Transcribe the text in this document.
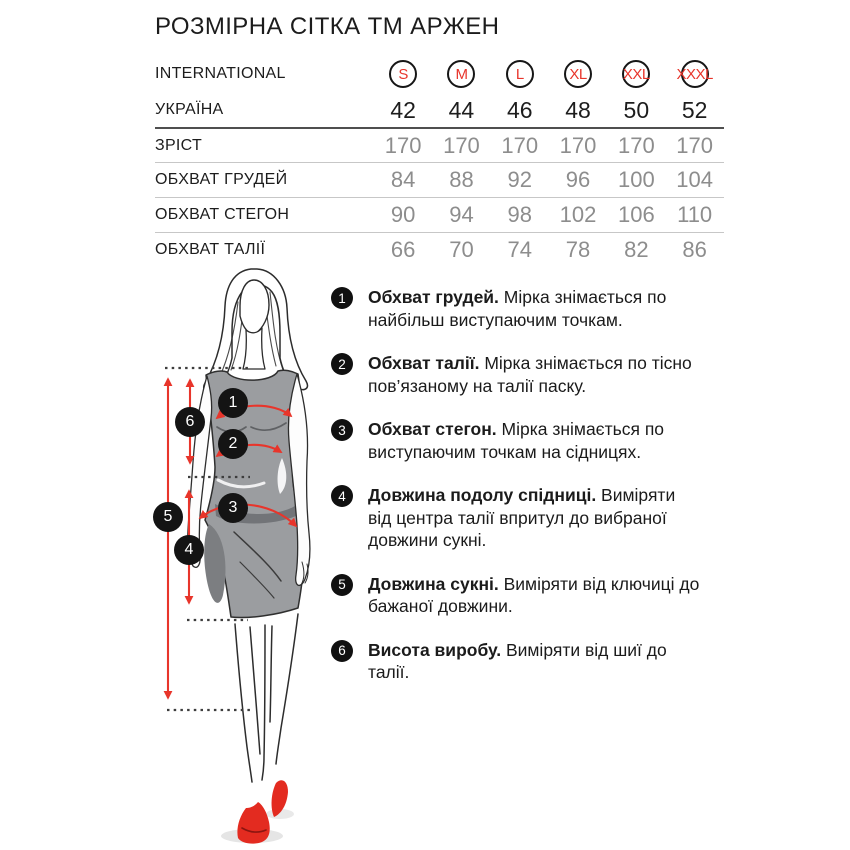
РОЗМІРНА СІТКА ТМ АРЖЕН
INTERNATIONAL	S	M	L	XL	XXL	XXXL
УКРАЇНА	42	44	46	48	50	52
ЗРІСТ	170 170 170 170 170 170
ОБХВАТ ГРУДЕЙ	84	88	92	96	100 104
ОБХВАТ СТЕГОН	90	94	98	102 106	110
ОБХВАТ ТАЛІЇ	66	70	74	78	82	86
1
2
3
4
5
6
1	Обхват грудей. Мірка знімається по найбільш виступаючим точкам.
2	Обхват талії. Мірка знімається по тісно пов’язаному на талії паску.
3	Обхват стегон. Мірка знімається по виступаючим точкам на сідницях.
4	Довжина подолу спідниці. Виміряти від центра талії впритул до вибраної довжини сукні.
5	Довжина сукні. Виміряти від ключиці до бажаної довжини.
6	Висота виробу. Виміряти від шиї до талії.
